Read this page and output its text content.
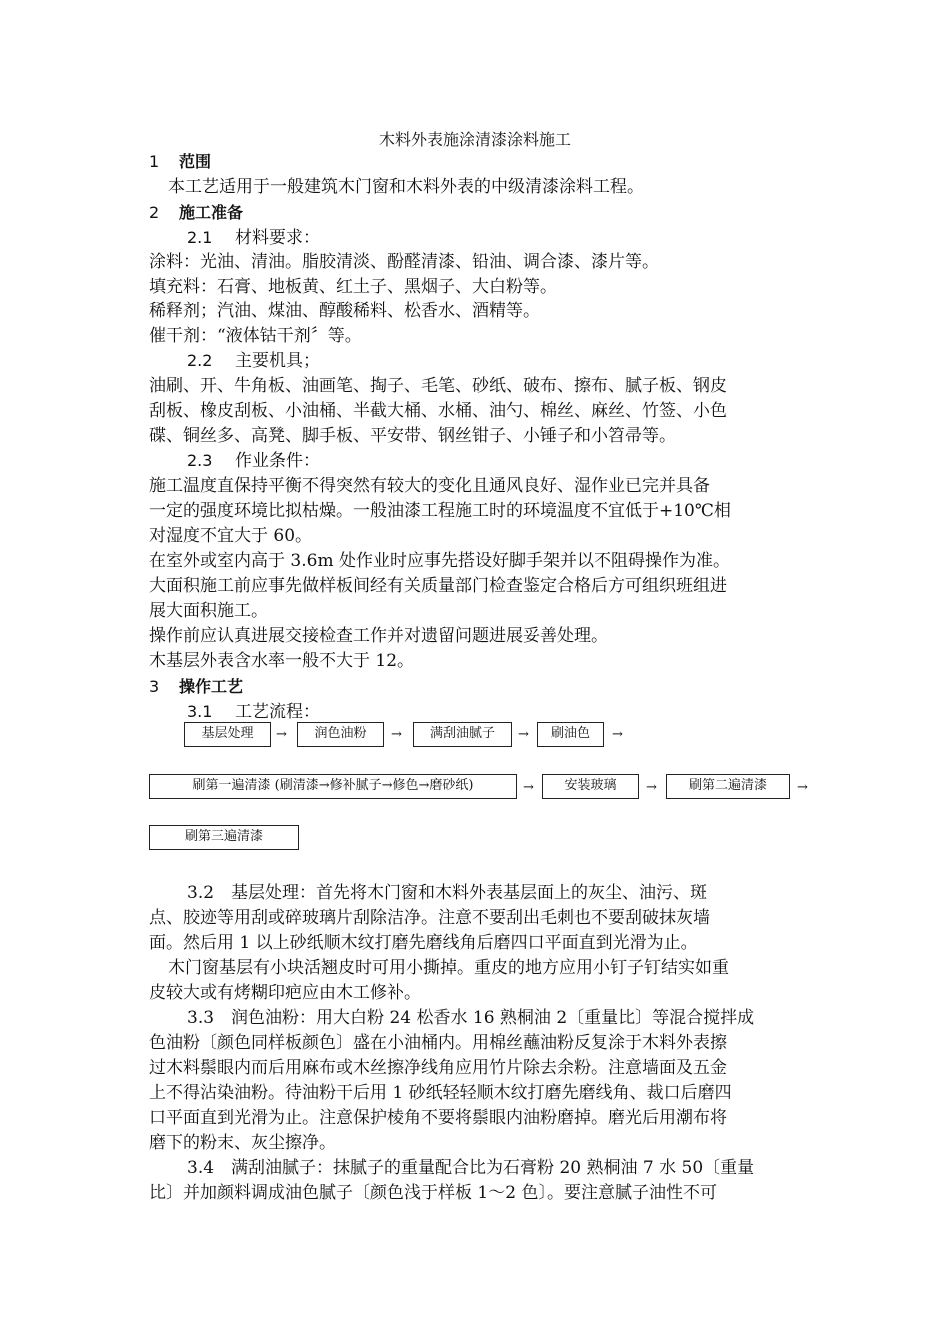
木料外表施涂清漆涂料施工
1 范围
本工艺适用于一般建筑木门窗和木料外表的中级清漆涂料工程。
2 施工准备
2.1 材料要求：
涂料：光油、清油。脂胶清淡、酚醛清漆、铅油、调合漆、漆片等。
填充料：石膏、地板黄、红土子、黑烟子、大白粉等。
稀释剂；汽油、煤油、醇酸稀料、松香水、酒精等。
催干剂：“液体钴干剂〞等。
2.2 主要机具；
油刷、开、牛角板、油画笔、掏子、毛笔、砂纸、破布、擦布、腻子板、钢皮
刮板、橡皮刮板、小油桶、半截大桶、水桶、油勺、棉丝、麻丝、竹签、小色
碟、铜丝多、高凳、脚手板、平安带、钢丝钳子、小锤子和小笤帚等。
2.3 作业条件：
施工温度直保持平衡不得突然有较大的变化且通风良好、湿作业已完并具备
一定的强度环境比拟枯燥。一般油漆工程施工时的环境温度不宜低于+10℃相
对湿度不宜大于 60。
在室外或室内高于 3.6m 处作业时应事先搭设好脚手架并以不阻碍操作为准。
大面积施工前应事先做样板间经有关质量部门检查鉴定合格后方可组织班组进
展大面积施工。
操作前应认真进展交接检查工作并对遗留问题进展妥善处理。
木基层外表含水率一般不大于 12。
3 操作工艺
3.1 工艺流程：
基层处理	→	润色油粉	→	满刮油腻子	→	刷油色	→
刷第一遍清漆 (刷清漆→修补腻子→修色→磨砂纸)	→	安装玻璃	→	刷第二遍清漆	→
刷第三遍清漆
3.2　基层处理：首先将木门窗和木料外表基层面上的灰尘、油污、斑
点、胶迹等用刮或碎玻璃片刮除洁净。注意不要刮出毛刺也不要刮破抹灰墙
面。然后用 1 以上砂纸顺木纹打磨先磨线角后磨四口平面直到光滑为止。
木门窗基层有小块活翘皮时可用小撕掉。重皮的地方应用小钉子钉结实如重
皮较大或有烤糊印疤应由木工修补。
3.3　润色油粉：用大白粉 24 松香水 16 熟桐油 2〔重量比〕等混合搅拌成
色油粉〔颜色同样板颜色〕盛在小油桶内。用棉丝蘸油粉反复涂于木料外表擦
过木料鬃眼内而后用麻布或木丝擦净线角应用竹片除去余粉。注意墙面及五金
上不得沾染油粉。待油粉干后用 1 砂纸轻轻顺木纹打磨先磨线角、裁口后磨四
口平面直到光滑为止。注意保护棱角不要将鬃眼内油粉磨掉。磨光后用潮布将
磨下的粉末、灰尘擦净。
3.4　满刮油腻子：抹腻子的重量配合比为石膏粉 20 熟桐油 7 水 50〔重量
比〕并加颜料调成油色腻子〔颜色浅于样板 1～2 色〕。要注意腻子油性不可
